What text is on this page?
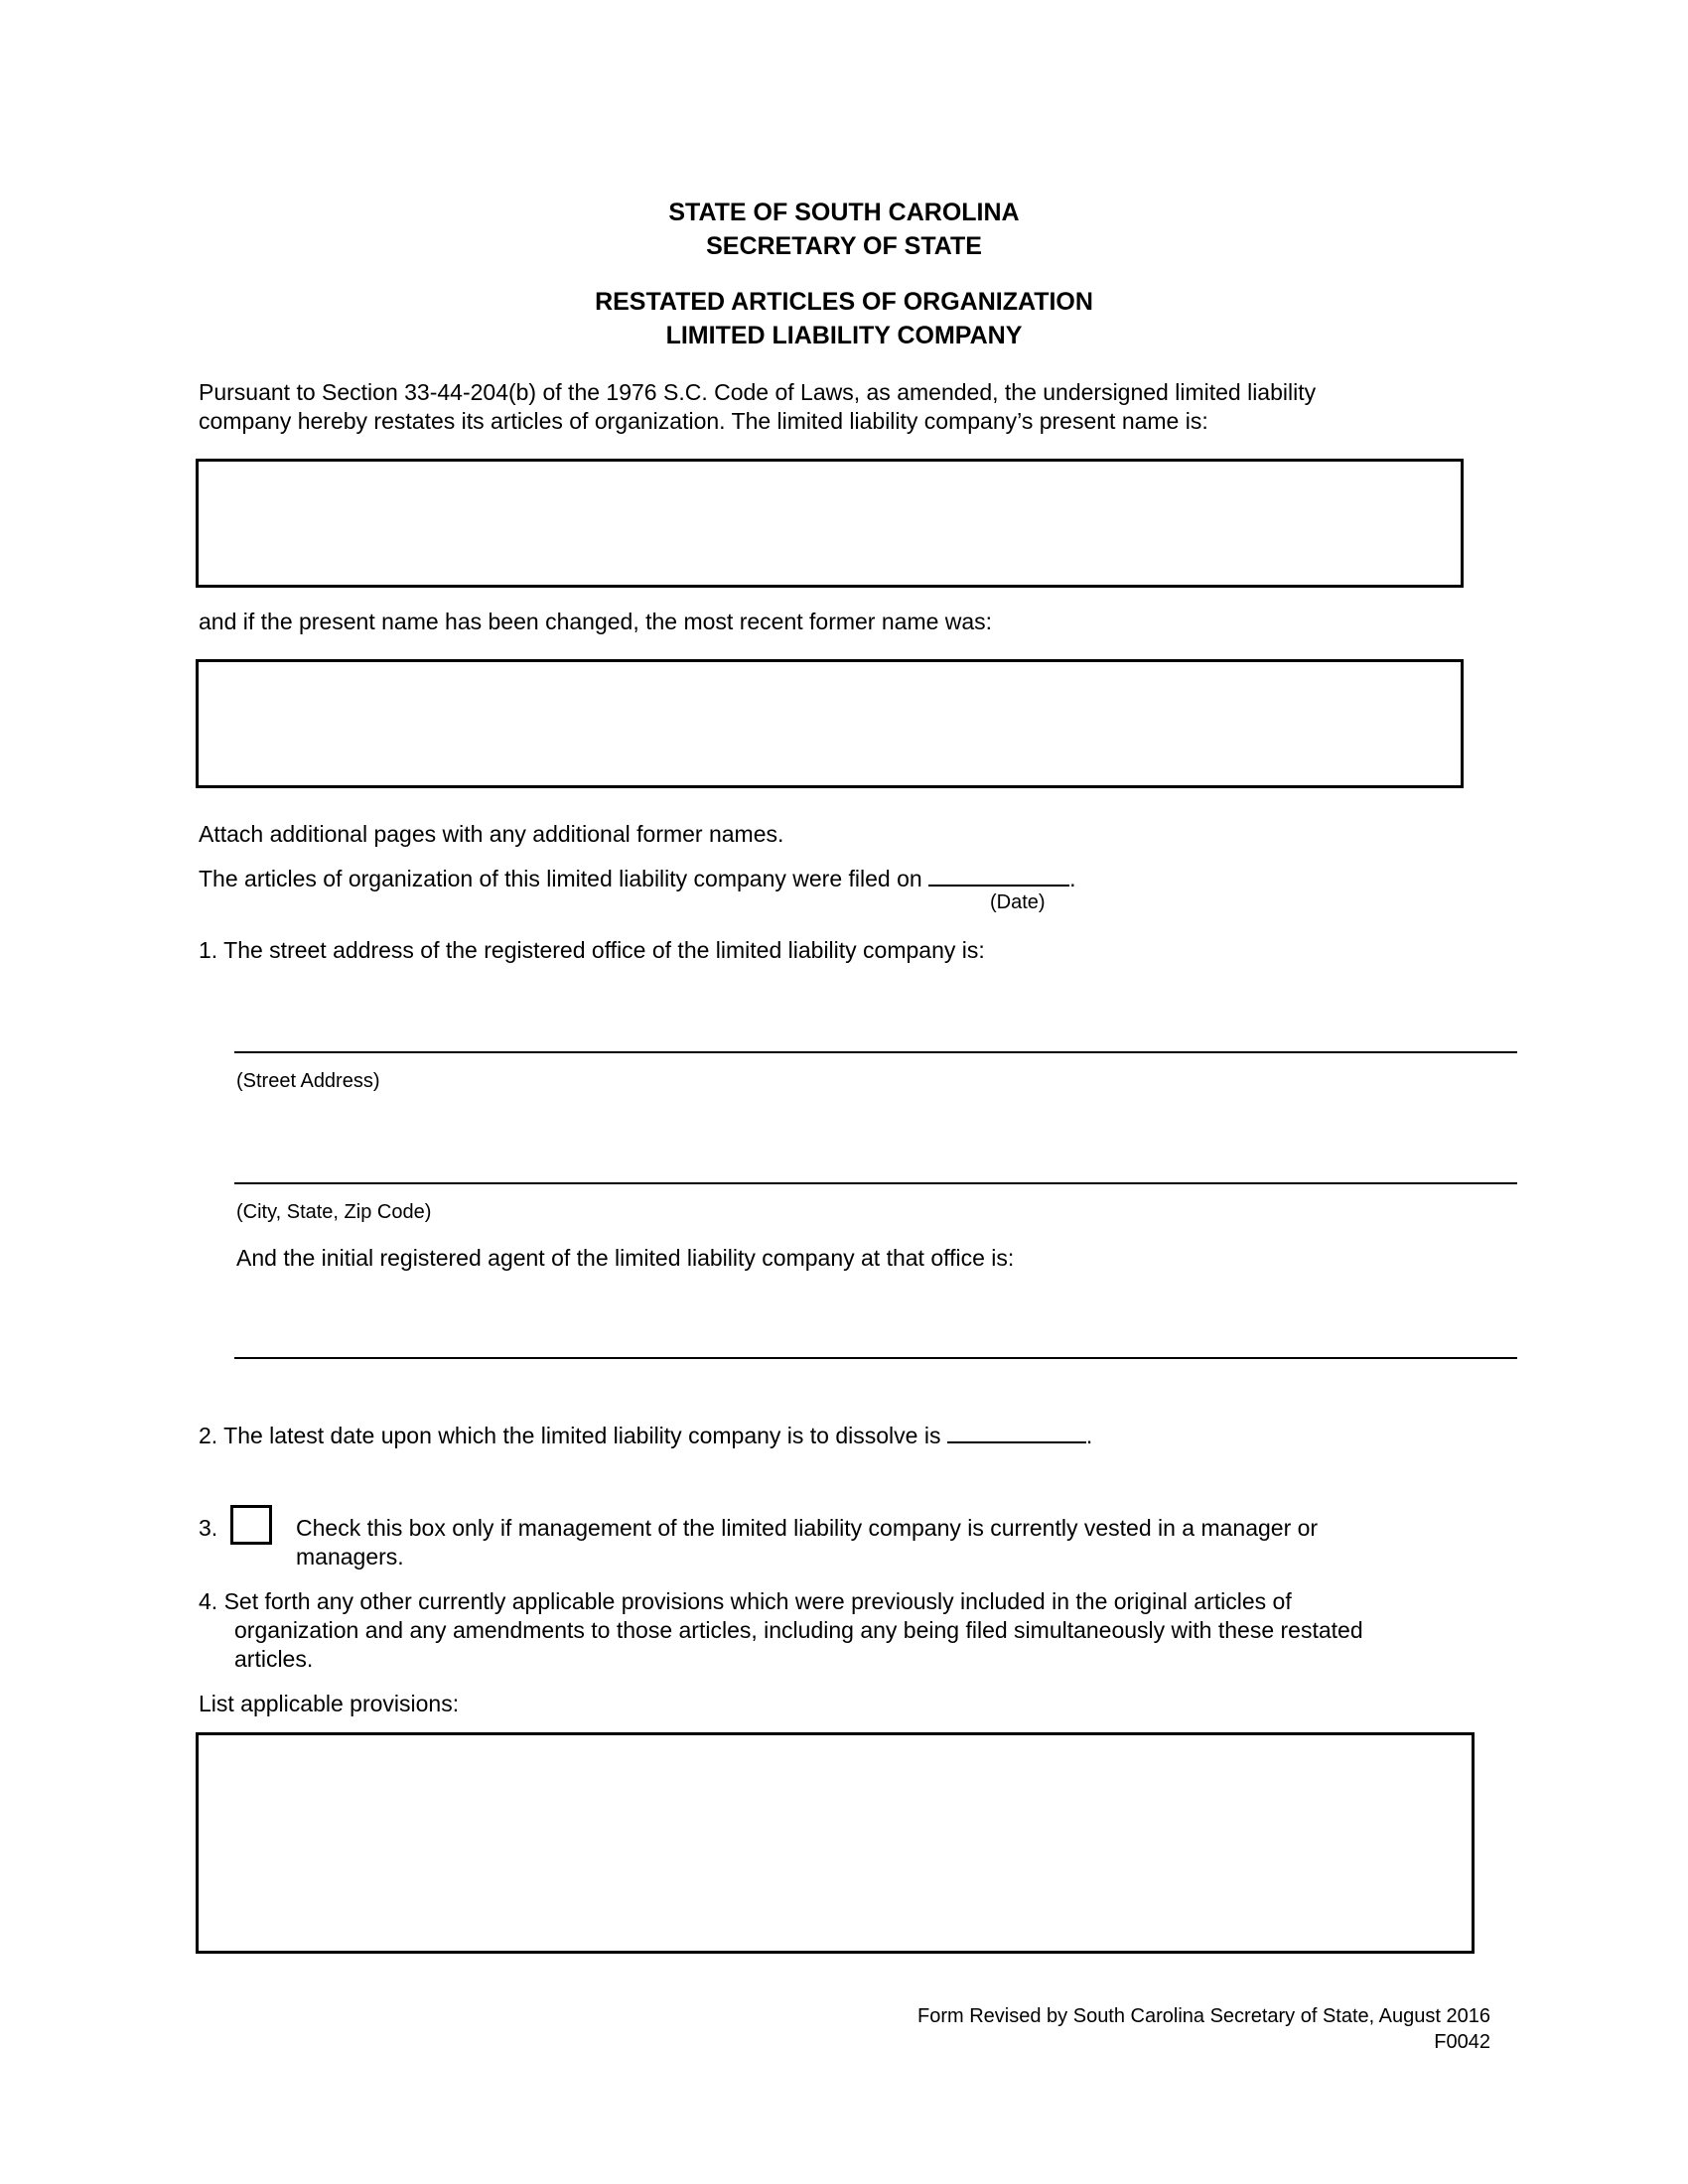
STATE OF SOUTH CAROLINA
SECRETARY OF STATE
RESTATED ARTICLES OF ORGANIZATION
LIMITED LIABILITY COMPANY
Pursuant to Section 33-44-204(b) of the 1976 S.C. Code of Laws, as amended, the undersigned limited liability
company hereby restates its articles of organization. The limited liability company’s present name is:
and if the present name has been changed, the most recent former name was:
Attach additional pages with any additional former names.
The articles of organization of this limited liability company were filed on	.
(Date)
1. The street address of the registered office of the limited liability company is:
(Street Address)
(City, State, Zip Code)
And the initial registered agent of the limited liability company at that office is:
2. The latest date upon which the limited liability company is to dissolve is	.
3.	Check this box only if management of the limited liability company is currently vested in a manager or
managers.
4. Set forth any other currently applicable provisions which were previously included in the original articles of
organization and any amendments to those articles, including any being filed simultaneously with these restated
articles.
List applicable provisions:
Form Revised by South Carolina Secretary of State, August 2016
F0042
